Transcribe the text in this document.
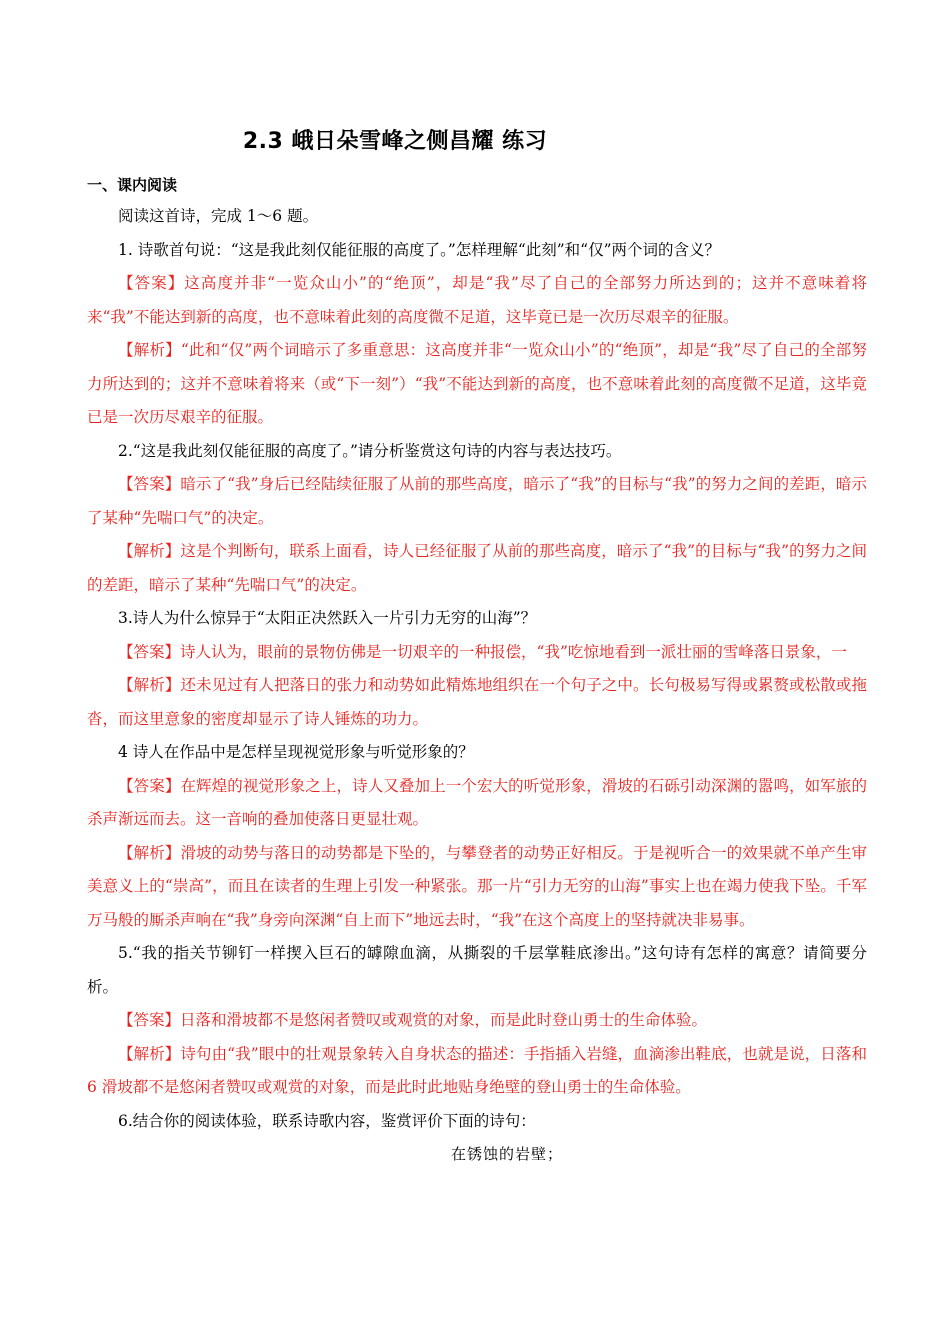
2.3 峨日朵雪峰之侧昌耀 练习
一、课内阅读

阅读这首诗，完成 1～6 题。

1. 诗歌首句说：“这是我此刻仅能征服的高度了。”怎样理解“此刻”和“仅”两个词的含义？

【答案】这高度并非“一览众山小”的“绝顶”，却是“我”尽了自己的全部努力所达到的；这并不意味着将来“我”不能达到新的高度，也不意味着此刻的高度微不足道，这毕竟已是一次历尽艰辛的征服。

【解析】“此和“仅”两个词暗示了多重意思：这高度并非“一览众山小”的“绝顶”，却是“我”尽了自己的全部努力所达到的；这并不意味着将来（或“下一刻”）“我”不能达到新的高度，也不意味着此刻的高度微不足道，这毕竟已是一次历尽艰辛的征服。

2.“这是我此刻仅能征服的高度了。”请分析鉴赏这句诗的内容与表达技巧。

【答案】暗示了“我”身后已经陆续征服了从前的那些高度，暗示了“我”的目标与“我”的努力之间的差距，暗示了某种“先喘口气”的决定。

【解析】这是个判断句，联系上面看，诗人已经征服了从前的那些高度，暗示了“我”的目标与“我”的努力之间的差距，暗示了某种“先喘口气”的决定。

3.诗人为什么惊异于“太阳正决然跃入一片引力无穷的山海”？

【答案】诗人认为，眼前的景物仿佛是一切艰辛的一种报偿，“我”吃惊地看到一派壮丽的雪峰落日景象，一

【解析】还未见过有人把落日的张力和动势如此精炼地组织在一个句子之中。长句极易写得或累赘或松散或拖沓，而这里意象的密度却显示了诗人锤炼的功力。

4 诗人在作品中是怎样呈现视觉形象与听觉形象的？

【答案】在辉煌的视觉形象之上，诗人又叠加上一个宏大的听觉形象，滑坡的石砾引动深渊的嚣鸣，如军旅的杀声渐远而去。这一音响的叠加使落日更显壮观。

【解析】滑坡的动势与落日的动势都是下坠的，与攀登者的动势正好相反。于是视听合一的效果就不单产生审美意义上的“崇高”，而且在读者的生理上引发一种紧张。那一片“引力无穷的山海”事实上也在竭力使我下坠。千军万马般的厮杀声响在“我”身旁向深渊“自上而下”地远去时，“我”在这个高度上的坚持就决非易事。

5.“我的指关节铆钉一样揳入巨石的罅隙血滴，从撕裂的千层掌鞋底渗出。”这句诗有怎样的寓意？请简要分析。

【答案】日落和滑坡都不是悠闲者赞叹或观赏的对象，而是此时登山勇士的生命体验。

【解析】诗句由“我”眼中的壮观景象转入自身状态的描述：手指插入岩缝，血滴渗出鞋底，也就是说，日落和 6 滑坡都不是悠闲者赞叹或观赏的对象，而是此时此地贴身绝壁的登山勇士的生命体验。

6.结合你的阅读体验，联系诗歌内容，鉴赏评价下面的诗句：

在锈蚀的岩壁；
